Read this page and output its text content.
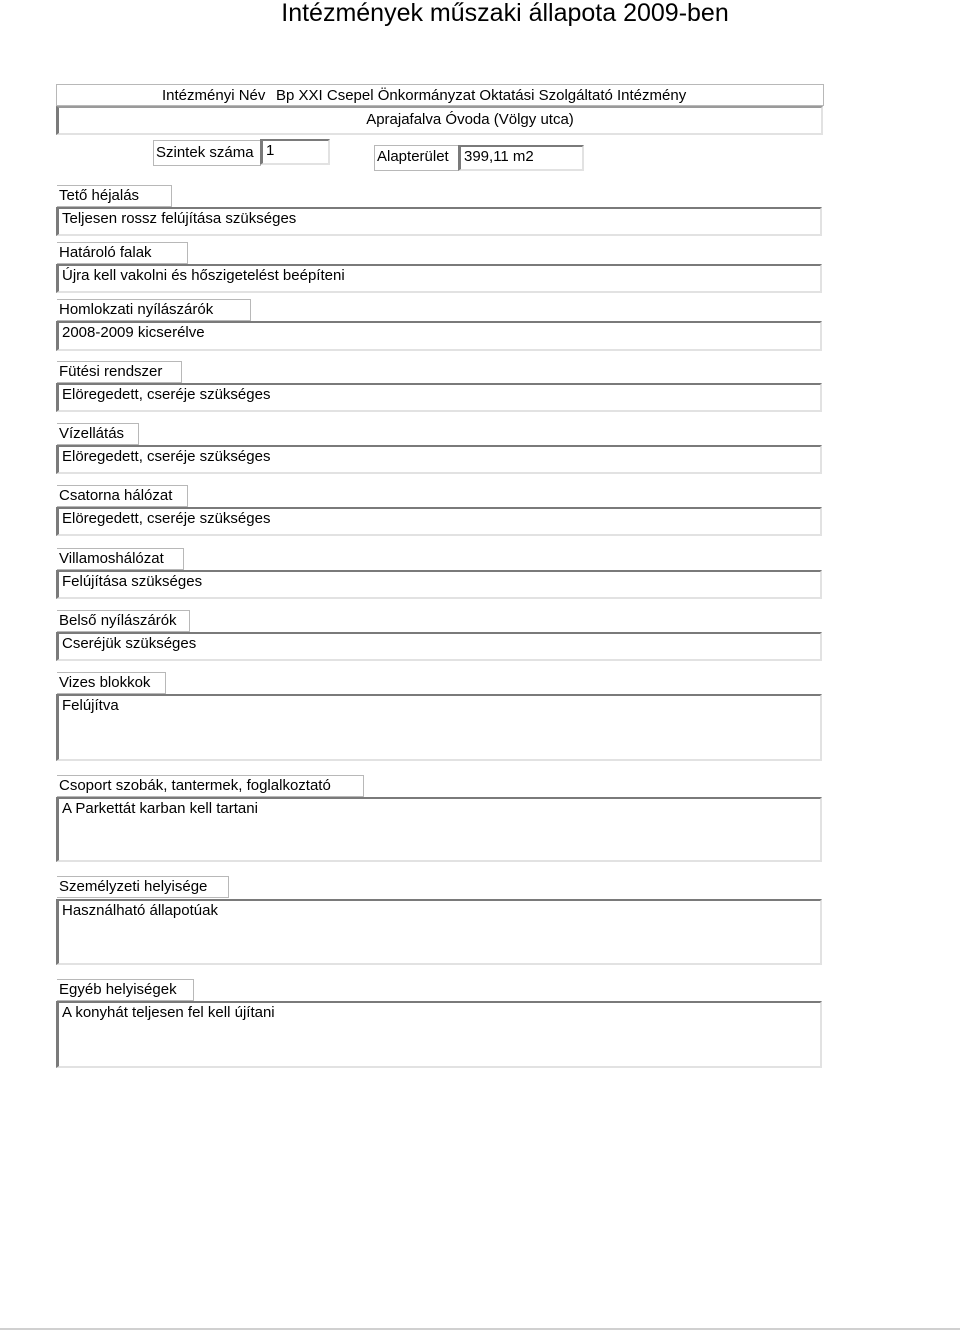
Intézmények műszaki állapota 2009-ben
Intézményi Név Bp XXI Csepel Önkormányzat Oktatási Szolgáltató Intézmény
Aprajafalva Óvoda (Völgy utca)
Szintek száma 1	Alapterület	399,11 m2
Tető héjalás
Teljesen rossz felújítása szükséges
Határoló falak
Újra kell vakolni és hőszigetelést beépíteni
Homlokzati nyílászárók
2008-2009 kicserélve
Fütési rendszer
Elöregedett, cseréje szükséges
Vízellátás
Elöregedett, cseréje szükséges
Csatorna hálózat
Elöregedett, cseréje szükséges
Villamoshálózat
Felújítása szükséges
Belső nyílászárók
Cseréjük szükséges
Vizes blokkok
Felújítva
Csoport szobák, tantermek, foglalkoztató
A Parkettát karban kell tartani
Személyzeti helyisége
Használható állapotúak
Egyéb helyiségek
A konyhát teljesen fel kell újítani
